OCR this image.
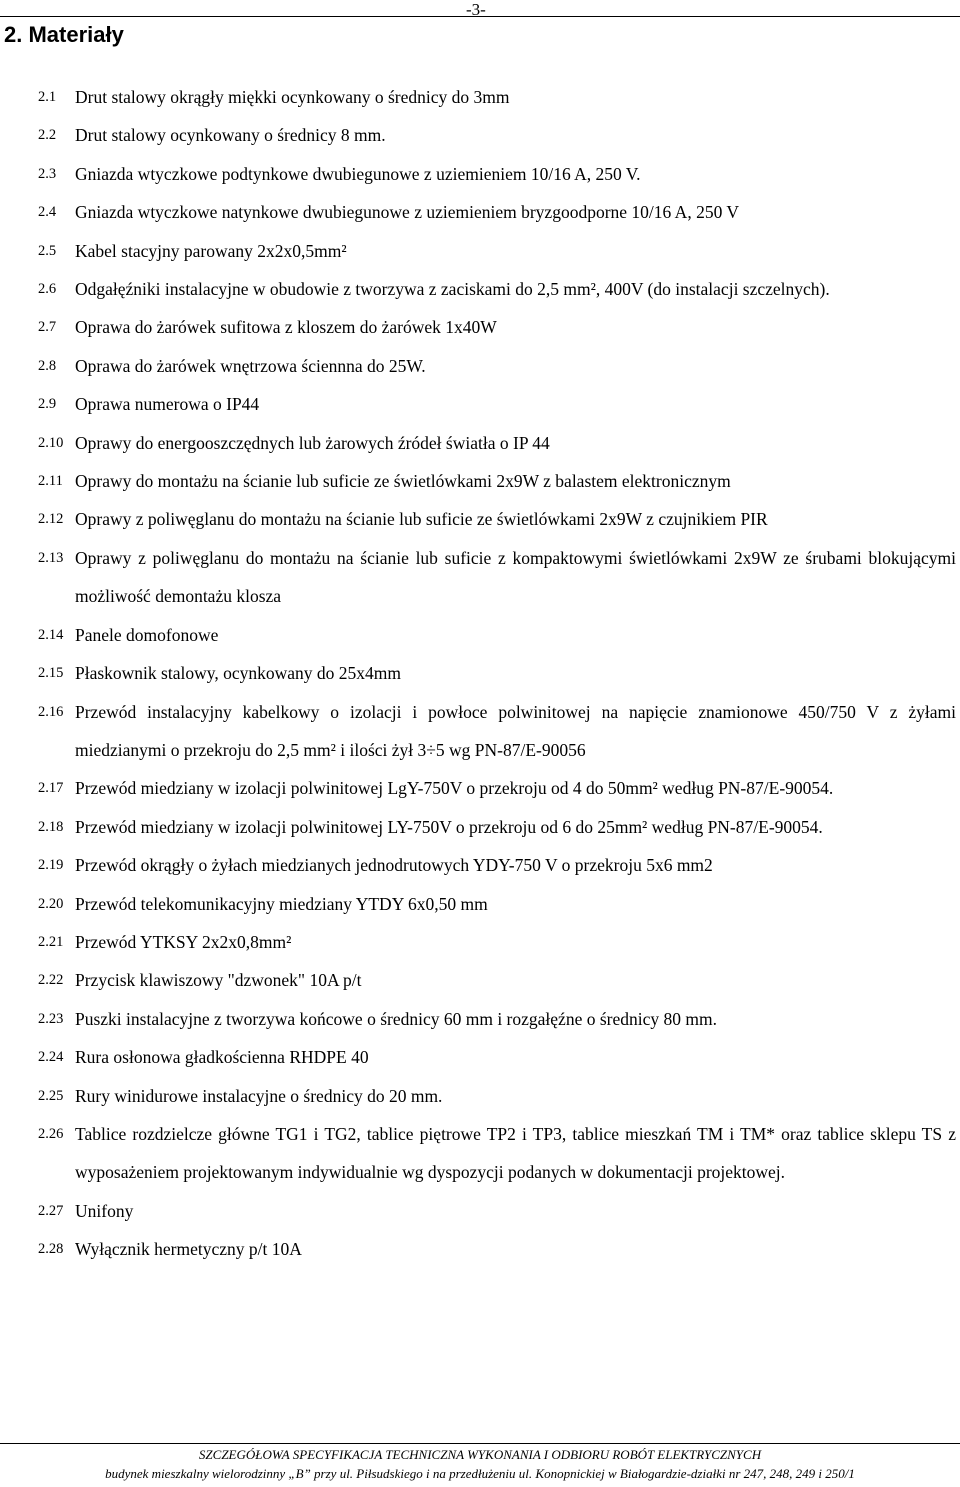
-3-
2. Materiały
2.1 Drut stalowy okrągły miękki ocynkowany o średnicy do 3mm
2.2 Drut stalowy ocynkowany o średnicy 8 mm.
2.3 Gniazda wtyczkowe podtynkowe dwubiegunowe z uziemieniem 10/16 A, 250 V.
2.4 Gniazda wtyczkowe natynkowe dwubiegunowe z uziemieniem bryzgoodporne 10/16 A, 250 V
2.5 Kabel stacyjny parowany 2x2x0,5mm²
2.6 Odgałęźniki instalacyjne w obudowie z tworzywa z zaciskami do 2,5 mm², 400V (do instalacji szczelnych).
2.7 Oprawa do żarówek sufitowa z kloszem do żarówek 1x40W
2.8 Oprawa do żarówek wnętrzowa ściennna do 25W.
2.9 Oprawa numerowa o IP44
2.10 Oprawy do energooszczędnych lub żarowych źródeł światła o IP 44
2.11 Oprawy do montażu na ścianie lub suficie ze świetlówkami 2x9W z balastem elektronicznym
2.12 Oprawy z poliwęglanu do montażu na ścianie lub suficie ze świetlówkami 2x9W z czujnikiem PIR
2.13 Oprawy z poliwęglanu do montażu na ścianie lub suficie z kompaktowymi świetlówkami 2x9W ze śrubami blokującymi możliwość demontażu klosza
2.14 Panele domofonowe
2.15 Płaskownik stalowy, ocynkowany do 25x4mm
2.16 Przewód instalacyjny kabelkowy o izolacji i powłoce polwinitowej na napięcie znamionowe 450/750 V z żyłami miedzianymi o przekroju do 2,5 mm² i ilości żył 3÷5 wg PN-87/E-90056
2.17 Przewód miedziany w izolacji polwinitowej LgY-750V o przekroju od 4 do 50mm² według PN-87/E-90054.
2.18 Przewód miedziany w izolacji polwinitowej LY-750V o przekroju od 6 do 25mm² według PN-87/E-90054.
2.19 Przewód okrągły o żyłach miedzianych jednodrutowych YDY-750 V o przekroju 5x6 mm2
2.20 Przewód telekomunikacyjny miedziany YTDY 6x0,50 mm
2.21 Przewód YTKSY 2x2x0,8mm²
2.22 Przycisk klawiszowy "dzwonek" 10A p/t
2.23 Puszki instalacyjne z tworzywa końcowe o średnicy 60 mm i rozgałęźne o średnicy 80 mm.
2.24 Rura osłonowa gładkościenna RHDPE 40
2.25 Rury winidurowe instalacyjne o średnicy do 20 mm.
2.26 Tablice rozdzielcze główne TG1 i TG2, tablice piętrowe TP2 i TP3, tablice mieszkań TM i TM* oraz tablice sklepu TS z wyposażeniem projektowanym indywidualnie wg dyspozycji podanych w dokumentacji projektowej.
2.27 Unifony
2.28 Wyłącznik hermetyczny p/t 10A
SZCZEGÓŁOWA SPECYFIKACJA TECHNICZNA WYKONANIA I ODBIORU ROBÓT ELEKTRYCZNYCH
budynek mieszkalny wielorodzinny „B” przy ul. Piłsudskiego i na przedłużeniu ul. Konopnickiej w Białogardzie-działki nr 247, 248, 249 i 250/1
